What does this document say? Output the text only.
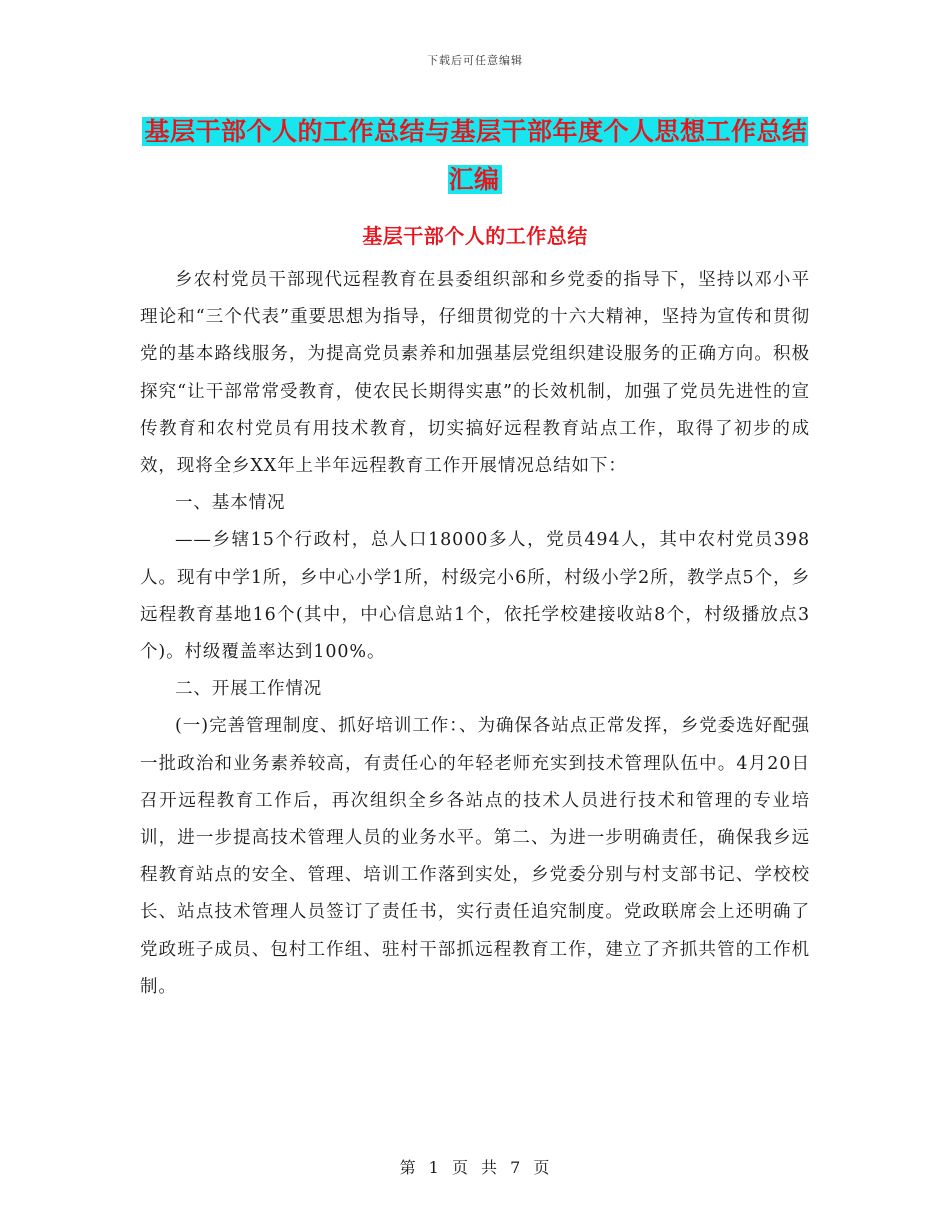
下载后可任意编辑
基层干部个人的工作总结与基层干部年度个人思想工作总结汇编
基层干部个人的工作总结

乡农村党员干部现代远程教育在县委组织部和乡党委的指导下，坚持以邓小平理论和“三个代表”重要思想为指导，仔细贯彻党的十六大精神，坚持为宣传和贯彻党的基本路线服务，为提高党员素养和加强基层党组织建设服务的正确方向。积极探究“让干部常常受教育，使农民长期得实惠”的长效机制，加强了党员先进性的宣传教育和农村党员有用技术教育，切实搞好远程教育站点工作，取得了初步的成效，现将全乡XX年上半年远程教育工作开展情况总结如下：

一、基本情况

——乡辖15个行政村，总人口18000多人，党员494人，其中农村党员398人。现有中学1所，乡中心小学1所，村级完小6所，村级小学2所，教学点5个，乡远程教育基地16个(其中，中心信息站1个，依托学校建接收站8个，村级播放点3个)。村级覆盖率达到100%。

二、开展工作情况

(一)完善管理制度、抓好培训工作：、为确保各站点正常发挥，乡党委选好配强一批政治和业务素养较高，有责任心的年轻老师充实到技术管理队伍中。4月20日召开远程教育工作后，再次组织全乡各站点的技术人员进行技术和管理的专业培训，进一步提高技术管理人员的业务水平。第二、为进一步明确责任，确保我乡远程教育站点的安全、管理、培训工作落到实处，乡党委分别与村支部书记、学校校长、站点技术管理人员签订了责任书，实行责任追究制度。党政联席会上还明确了党政班子成员、包村工作组、驻村干部抓远程教育工作，建立了齐抓共管的工作机制。

第 1 页 共 7 页
